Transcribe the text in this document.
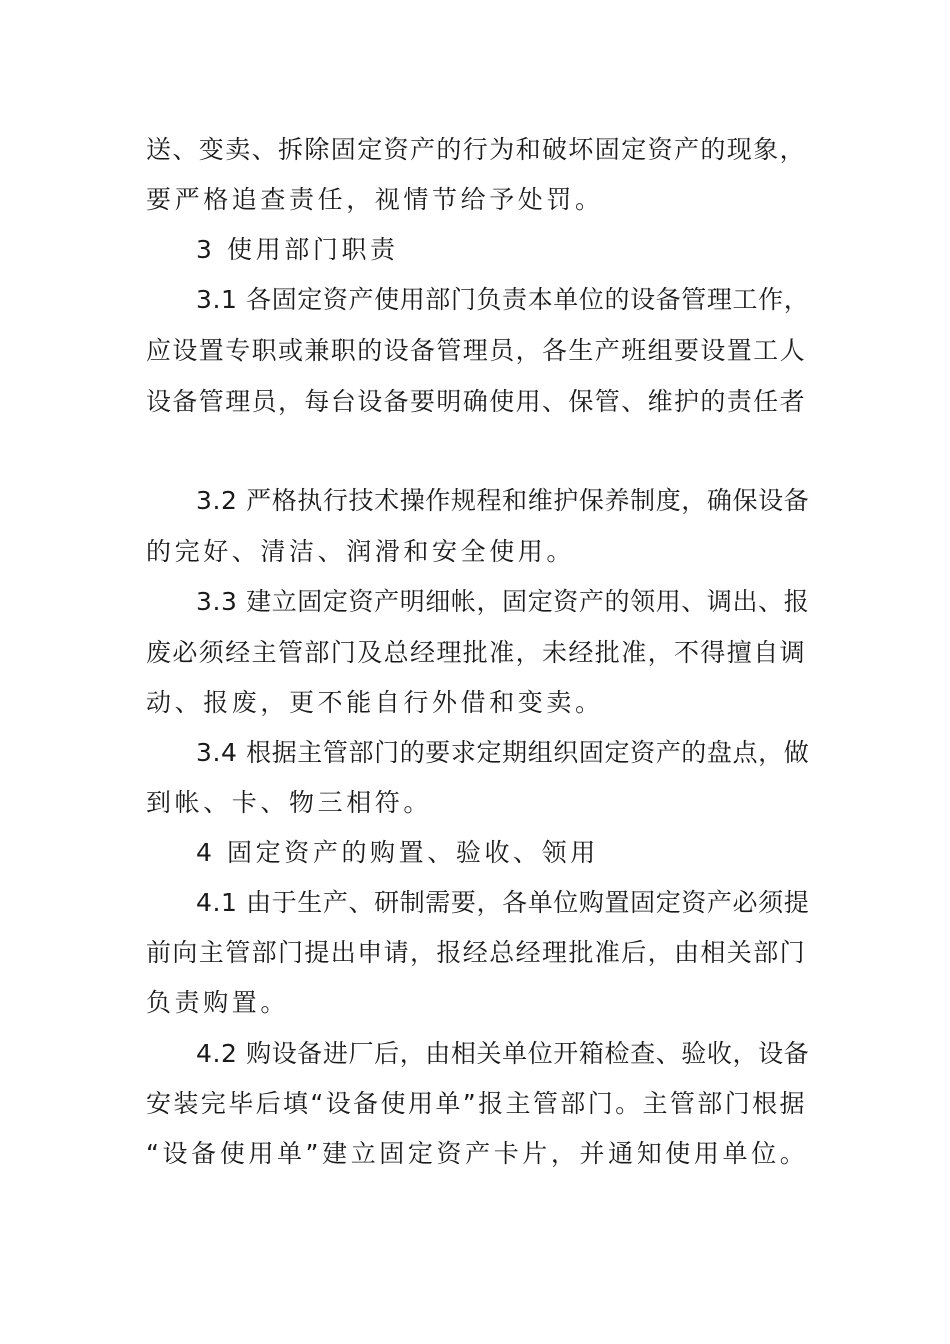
送、变卖、拆除固定资产的行为和破坏固定资产的现象，
要严格追查责任，视情节给予处罚。
3 使用部门职责
3.1 各固定资产使用部门负责本单位的设备管理工作，
应设置专职或兼职的设备管理员，各生产班组要设置工人
设备管理员，每台设备要明确使用、保管、维护的责任者
3.2 严格执行技术操作规程和维护保养制度，确保设备
的完好、清洁、润滑和安全使用。
3.3 建立固定资产明细帐，固定资产的领用、调出、报
废必须经主管部门及总经理批准，未经批准，不得擅自调
动、报废，更不能自行外借和变卖。
3.4 根据主管部门的要求定期组织固定资产的盘点，做
到帐、卡、物三相符。
4 固定资产的购置、验收、领用
4.1 由于生产、研制需要，各单位购置固定资产必须提
前向主管部门提出申请，报经总经理批准后，由相关部门
负责购置。
4.2 购设备进厂后，由相关单位开箱检查、验收，设备
安装完毕后填“设备使用单”报主管部门。主管部门根据
“设备使用单”建立固定资产卡片，并通知使用单位。
